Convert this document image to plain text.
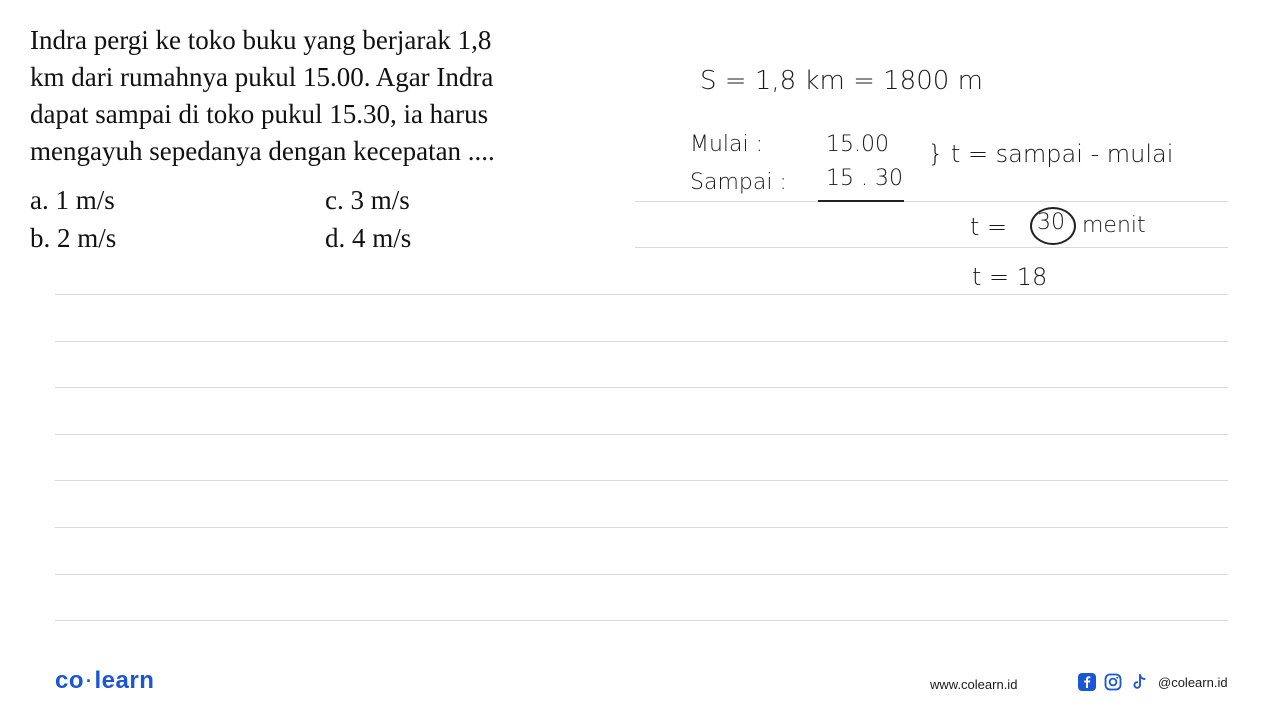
Indra pergi ke toko buku yang berjarak 1,8
km dari rumahnya pukul 15.00. Agar Indra
dapat sampai di toko pukul 15.30, ia harus
mengayuh sepedanya dengan kecepatan ....
a. 1 m/s	c. 3 m/s
b. 2 m/s	d. 4 m/s
S = 1,8 km = 1800 m
Mulai :	15.00
Sampai : 15 . 30
} t = sampai - mulai
t = 30 menit
t = 18
co ·learn	www.colearn.id	@colearn.id
